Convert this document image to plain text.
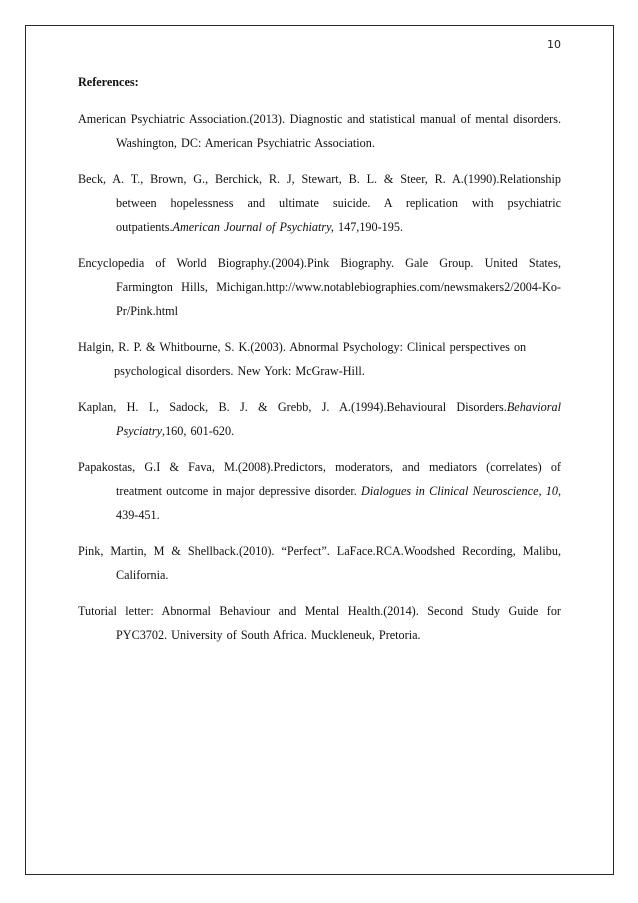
10
References:

American Psychiatric Association.(2013). Diagnostic and statistical manual of mental disorders. Washington, DC: American Psychiatric Association.

Beck, A. T., Brown, G., Berchick, R. J, Stewart, B. L. & Steer, R. A.(1990).Relationship between hopelessness and ultimate suicide. A replication with psychiatric outpatients.American Journal of Psychiatry, 147,190-195.

Encyclopedia of World Biography.(2004).Pink Biography. Gale Group. United States, Farmington Hills, Michigan.http://www.notablebiographies.com/newsmakers2/2004-Ko-Pr/Pink.html

Halgin, R. P. & Whitbourne, S. K.(2003). Abnormal Psychology: Clinical perspectives on
psychological disorders. New York: McGraw-Hill.

Kaplan, H. I., Sadock, B. J. & Grebb, J. A.(1994).Behavioural Disorders.Behavioral Psyciatry,160, 601-620.

Papakostas, G.I & Fava, M.(2008).Predictors, moderators, and mediators (correlates) of treatment outcome in major depressive disorder. Dialogues in Clinical Neuroscience, 10, 439-451.

Pink, Martin, M & Shellback.(2010). “Perfect”. LaFace.RCA.Woodshed Recording, Malibu, California.

Tutorial letter: Abnormal Behaviour and Mental Health.(2014). Second Study Guide for PYC3702. University of South Africa. Muckleneuk, Pretoria.
